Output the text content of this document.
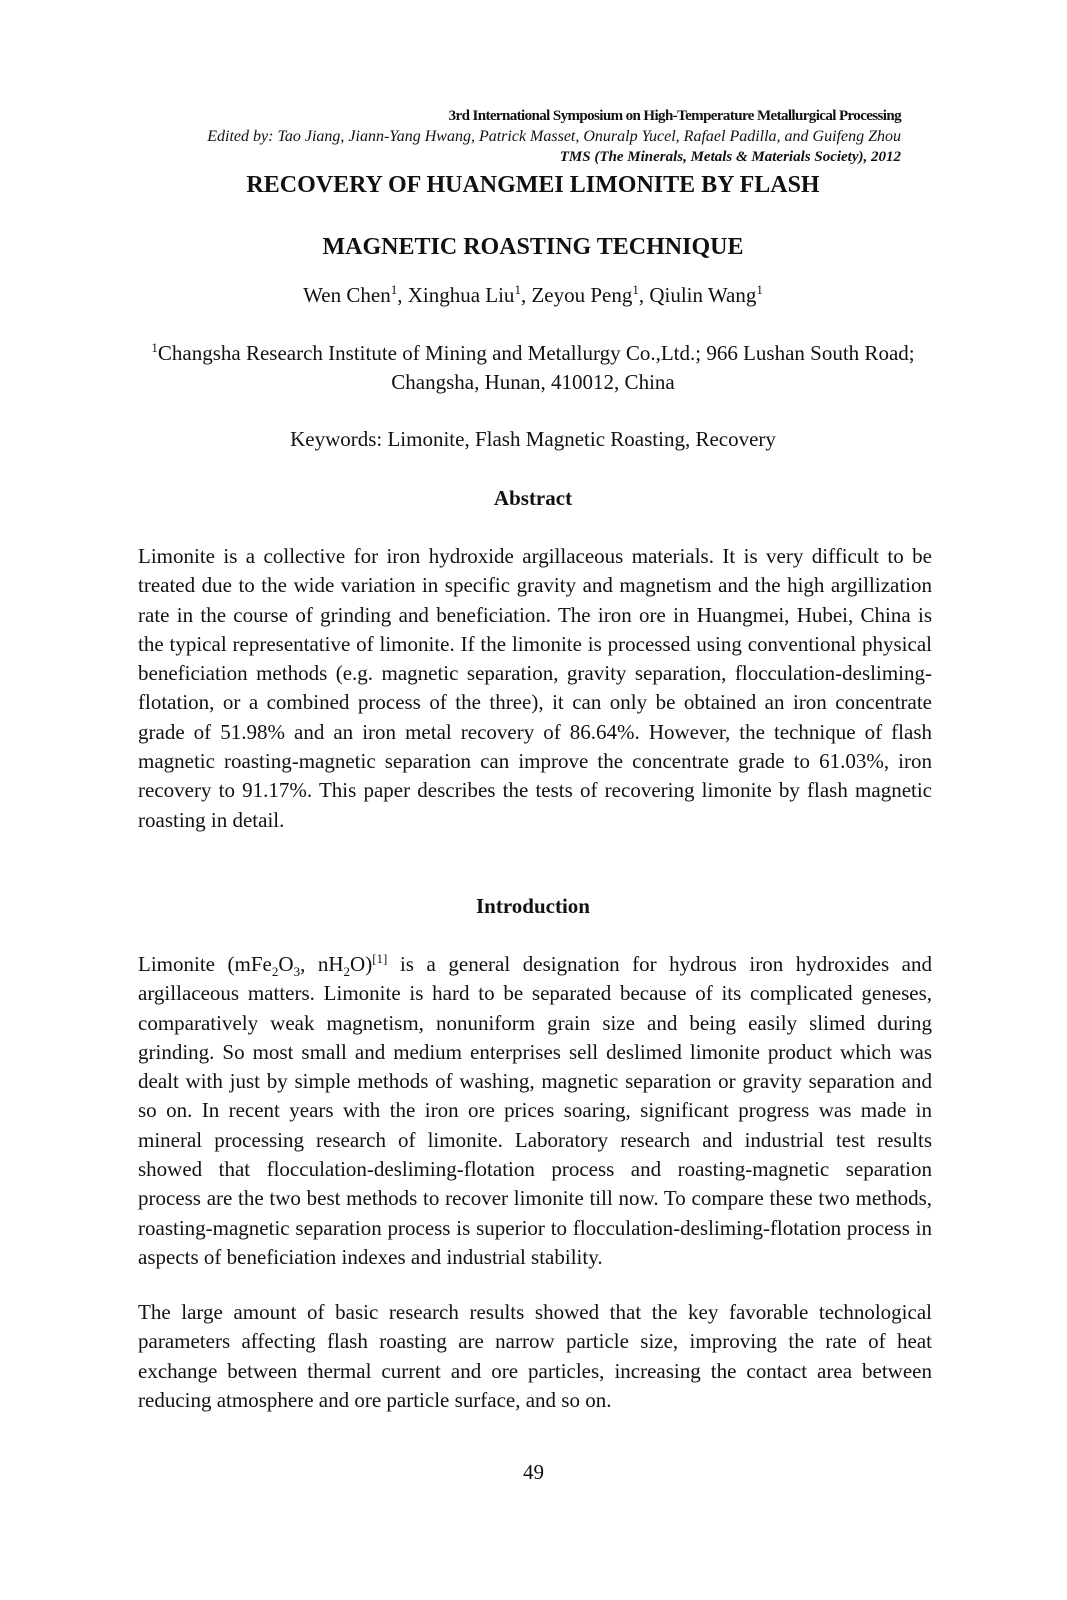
3rd International Symposium on High-Temperature Metallurgical Processing
Edited by: Tao Jiang, Jiann-Yang Hwang, Patrick Masset, Onuralp Yucel, Rafael Padilla, and Guifeng Zhou
TMS (The Minerals, Metals & Materials Society), 2012
RECOVERY OF HUANGMEI LIMONITE BY FLASH
MAGNETIC ROASTING TECHNIQUE
Wen Chen$^1$, Xinghua Liu$^1$, Zeyou Peng$^1$, Qiulin Wang$^1$
$^1$Changsha Research Institute of Mining and Metallurgy Co.,Ltd.; 966 Lushan South Road; Changsha, Hunan, 410012, China
Keywords: Limonite, Flash Magnetic Roasting, Recovery
Abstract

Limonite is a collective for iron hydroxide argillaceous materials. It is very difficult to be treated due to the wide variation in specific gravity and magnetism and the high argillization rate in the course of grinding and beneficiation. The iron ore in Huangmei, Hubei, China is the typical representative of limonite. If the limonite is processed using conventional physical beneficiation methods (e.g. magnetic separation, gravity separation, flocculation-desliming-flotation, or a combined process of the three), it can only be obtained an iron concentrate grade of 51.98% and an iron metal recovery of 86.64%. However, the technique of flash magnetic roasting-magnetic separation can improve the concentrate grade to 61.03%, iron recovery to 91.17%. This paper describes the tests of recovering limonite by flash magnetic roasting in detail.

Introduction

Limonite ($mFe_2O_3$, $nH_2O)[1]$ is a general designation for hydrous iron hydroxides and argillaceous matters. Limonite is hard to be separated because of its complicated geneses, comparatively weak magnetism, nonuniform grain size and being easily slimed during grinding. So most small and medium enterprises sell deslimed limonite product which was dealt with just by simple methods of washing, magnetic separation or gravity separation and so on. In recent years with the iron ore prices soaring, significant progress was made in mineral processing research of limonite. Laboratory research and industrial test results showed that flocculation-desliming-flotation process and roasting-magnetic separation process are the two best methods to recover limonite till now. To compare these two methods, roasting-magnetic separation process is superior to flocculation-desliming-flotation process in aspects of beneficiation indexes and industrial stability.

The large amount of basic research results showed that the key favorable technological parameters affecting flash roasting are narrow particle size, improving the rate of heat exchange between thermal current and ore particles, increasing the contact area between reducing atmosphere and ore particle surface, and so on.

49
